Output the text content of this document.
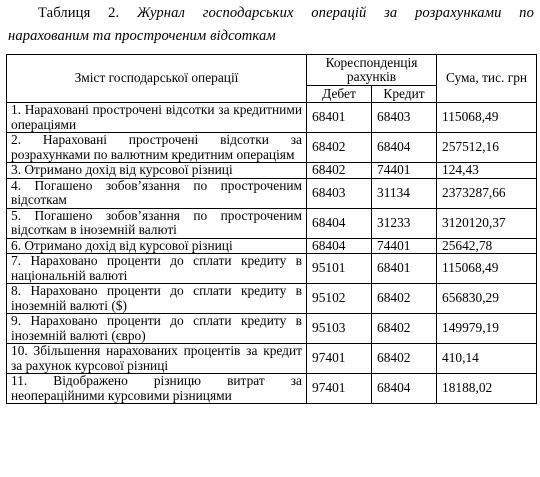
Таблиця 2. Журнал господарських операцій за розрахунками по
нарахованим та простроченим відсоткам
Зміст господарської операції	Кореспонденція рахунків		Сума, тис. грн
	Дебет	Кредит	
1. Нараховані прострочені відсотки за кредитними операціями	68401	68403	115068,49
2. Нараховані прострочені відсотки за розрахунками по валютним кредитним операціям	68402	68404	257512,16
3. Отримано дохід від курсової різниці	68402	74401	124,43
4. Погашено зобов’язання по простроченим відсоткам	68403	31134	2373287,66
5. Погашено зобов’язання по простроченим відсоткам в іноземній валюті	68404	31233	3120120,37
6. Отримано дохід від курсової різниці	68404	74401	25642,78
7. Нараховано проценти до сплати кредиту в національній валюті	95101	68401	115068,49
8. Нараховано проценти до сплати кредиту в іноземній валюті ($)	95102	68402	656830,29
9. Нараховано проценти до сплати кредиту в іноземній валюті (євро)	95103	68402	149979,19
10. Збільшення нарахованих процентів за кредит за рахунок курсової різниці	97401	68402	410,14
11. Відображено різницю витрат за неопераційними курсовими різницями	97401	68404	18188,02
